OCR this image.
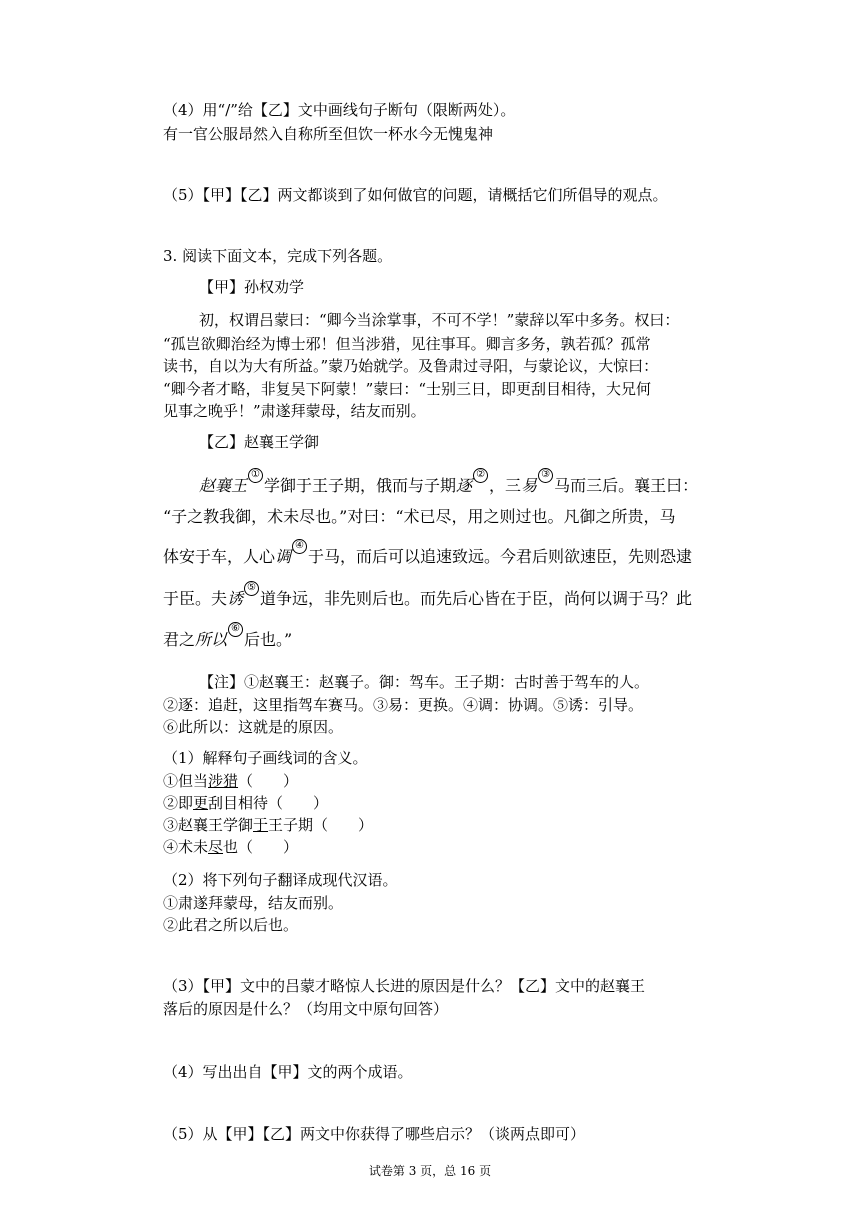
（4）用“/”给【乙】文中画线句子断句（限断两处）。
有一官公服昂然入自称所至但饮一杯水今无愧鬼神
（5）【甲】【乙】两文都谈到了如何做官的问题，请概括它们所倡导的观点。
3. 阅读下面文本，完成下列各题。
【甲】孙权劝学
初，权谓吕蒙曰：“卿今当涂掌事，不可不学！”蒙辞以军中多务。权曰：
“孤岂欲卿治经为博士邪！但当涉猎，见往事耳。卿言多务，孰若孤？孤常
读书，自以为大有所益。”蒙乃始就学。及鲁肃过寻阳，与蒙论议，大惊曰：
“卿今者才略，非复吴下阿蒙！”蒙曰：“士别三日，即更刮目相待，大兄何
见事之晚乎！”肃遂拜蒙母，结友而别。
【乙】赵襄王学御
赵襄王①学御于王子期，俄而与子期逐②，三易③马而三后。襄王曰：
“子之教我御，术未尽也。”对曰：“术已尽，用之则过也。凡御之所贵，马
体安于车，人心调④于马，而后可以追速致远。今君后则欲速臣，先则恐逮
于臣。夫诱⑤道争远，非先则后也。而先后心皆在于臣，尚何以调于马？此
君之所以⑥后也。”
【注】①赵襄王：赵襄子。御：驾车。王子期：古时善于驾车的人。
②逐：追赶，这里指驾车赛马。③易：更换。④调：协调。⑤诱：引导。
⑥此所以：这就是的原因。
（1）解释句子画线词的含义。
①但当涉猎（　　）
②即更刮目相待（　　）
③赵襄王学御于王子期（　　）
④术未尽也（　　）
（2）将下列句子翻译成现代汉语。
①肃遂拜蒙母，结友而别。
②此君之所以后也。
（3）【甲】文中的吕蒙才略惊人长进的原因是什么？【乙】文中的赵襄王
落后的原因是什么？（均用文中原句回答）
（4）写出出自【甲】文的两个成语。
（5）从【甲】【乙】两文中你获得了哪些启示？（谈两点即可）
试卷第 3 页，总 16 页
